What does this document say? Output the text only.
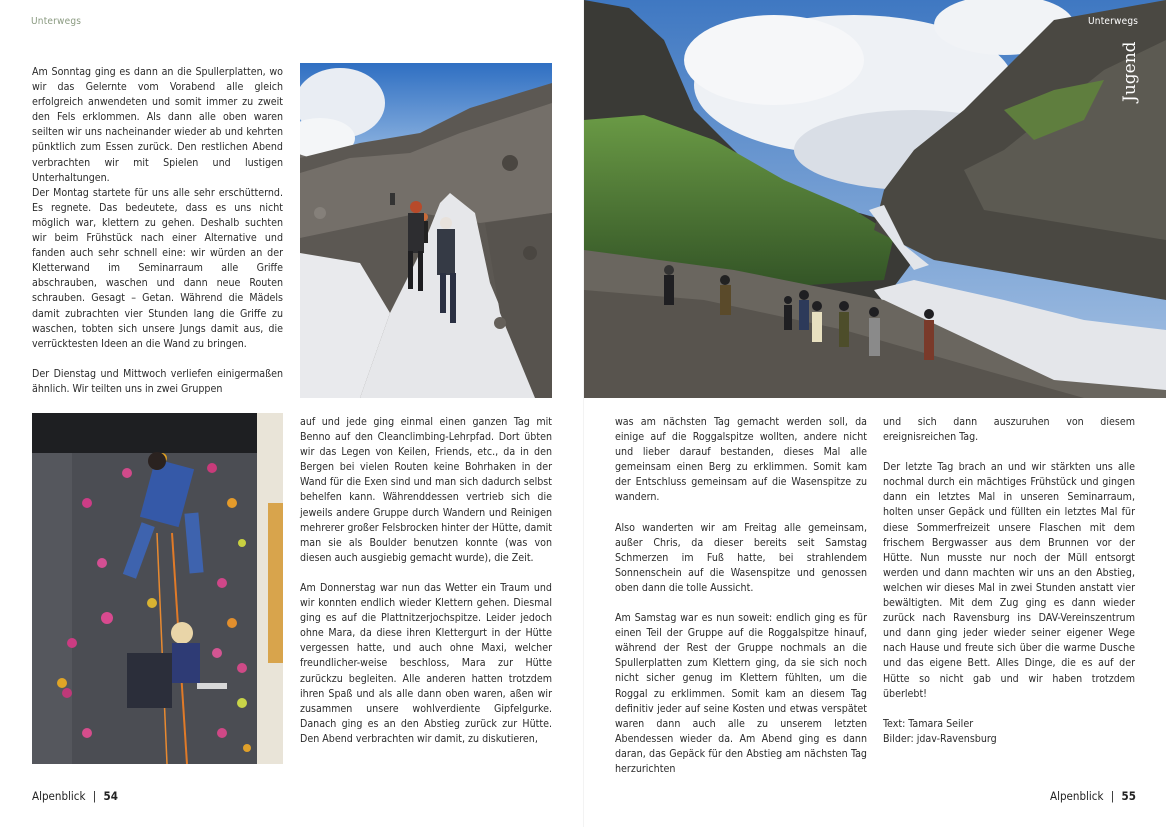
Unterwegs

Am Sonntag ging es dann an die Spullerplatten, wo wir das Gelernte vom Vorabend alle gleich erfolgreich anwendeten und somit immer zu zweit den Fels erklommen. Als dann alle oben waren seilten wir uns nacheinander wieder ab und kehrten pünktlich zum Essen zurück. Den restlichen Abend verbrachten wir mit Spielen und lustigen Unterhaltungen.

Der Montag startete für uns alle sehr erschütternd. Es regnete. Das bedeutete, dass es uns nicht möglich war, klettern zu gehen. Deshalb suchten wir beim Frühstück nach einer Alternative und fanden auch sehr schnell eine: wir würden an der Kletterwand im Seminarraum alle Griffe abschrauben, waschen und dann neue Routen schrauben. Gesagt – Getan. Während die Mädels damit zubrachten vier Stunden lang die Griffe zu waschen, tobten sich unsere Jungs damit aus, die verrücktesten Ideen an die Wand zu bringen.

Der Dienstag und Mittwoch verliefen einigermaßen ähnlich. Wir teilten uns in zwei Gruppen

auf und jede ging einmal einen ganzen Tag mit Benno auf den Cleanclimbing-Lehrpfad. Dort übten wir das Legen von Keilen, Friends, etc., da in den Bergen bei vielen Routen keine Bohrhaken in der Wand für die Exen sind und man sich dadurch selbst behelfen kann. Währenddessen vertrieb sich die jeweils andere Gruppe durch Wandern und Reinigen mehrerer großer Felsbrocken hinter der Hütte, damit man sie als Boulder benutzen konnte (was von diesen auch ausgiebig gemacht wurde), die Zeit.

Am Donnerstag war nun das Wetter ein Traum und wir konnten endlich wieder Klettern gehen. Diesmal ging es auf die Plattnitzerjochspitze. Leider jedoch ohne Mara, da diese ihren Klettergurt in der Hütte vergessen hatte, und auch ohne Maxi, welcher freundlicher-weise beschloss, Mara zur Hütte zurückzu begleiten. Alle anderen hatten trotzdem ihren Spaß und als alle dann oben waren, aßen wir zusammen unsere wohlverdiente Gipfelgurke. Danach ging es an den Abstieg zurück zur Hütte. Den Abend verbrachten wir damit, zu diskutieren,

Alpenblick | 54
Unterwegs
Jugend

was am nächsten Tag gemacht werden soll, da einige auf die Roggalspitze wollten, andere nicht und lieber darauf bestanden, dieses Mal alle gemeinsam einen Berg zu erklimmen. Somit kam der Entschluss gemeinsam auf die Wasenspitze zu wandern.

Also wanderten wir am Freitag alle gemeinsam, außer Chris, da dieser bereits seit Samstag Schmerzen im Fuß hatte, bei strahlendem Sonnenschein auf die Wasenspitze und genossen oben dann die tolle Aussicht.

Am Samstag war es nun soweit: endlich ging es für einen Teil der Gruppe auf die Roggalspitze hinauf, während der Rest der Gruppe nochmals an die Spullerplatten zum Klettern ging, da sie sich noch nicht sicher genug im Klettern fühlten, um die Roggal zu erklimmen. Somit kam an diesem Tag definitiv jeder auf seine Kosten und etwas verspätet waren dann auch alle zu unserem letzten Abendessen wieder da. Am Abend ging es dann daran, das Gepäck für den Abstieg am nächsten Tag herzurichten

und sich dann auszuruhen von diesem ereignisreichen Tag.

Der letzte Tag brach an und wir stärkten uns alle nochmal durch ein mächtiges Frühstück und gingen dann ein letztes Mal in unseren Seminarraum, holten unser Gepäck und füllten ein letztes Mal für diese Sommerfreizeit unsere Flaschen mit dem frischem Bergwasser aus dem Brunnen vor der Hütte. Nun musste nur noch der Müll entsorgt werden und dann machten wir uns an den Abstieg, welchen wir dieses Mal in zwei Stunden anstatt vier bewältigten. Mit dem Zug ging es dann wieder zurück nach Ravensburg ins DAV-Vereinszentrum und dann ging jeder wieder seiner eigener Wege nach Hause und freute sich über die warme Dusche und das eigene Bett. Alles Dinge, die es auf der Hütte so nicht gab und wir haben trotzdem überlebt!

Text: Tamara Seiler

Bilder: jdav-Ravensburg

Alpenblick | 55
